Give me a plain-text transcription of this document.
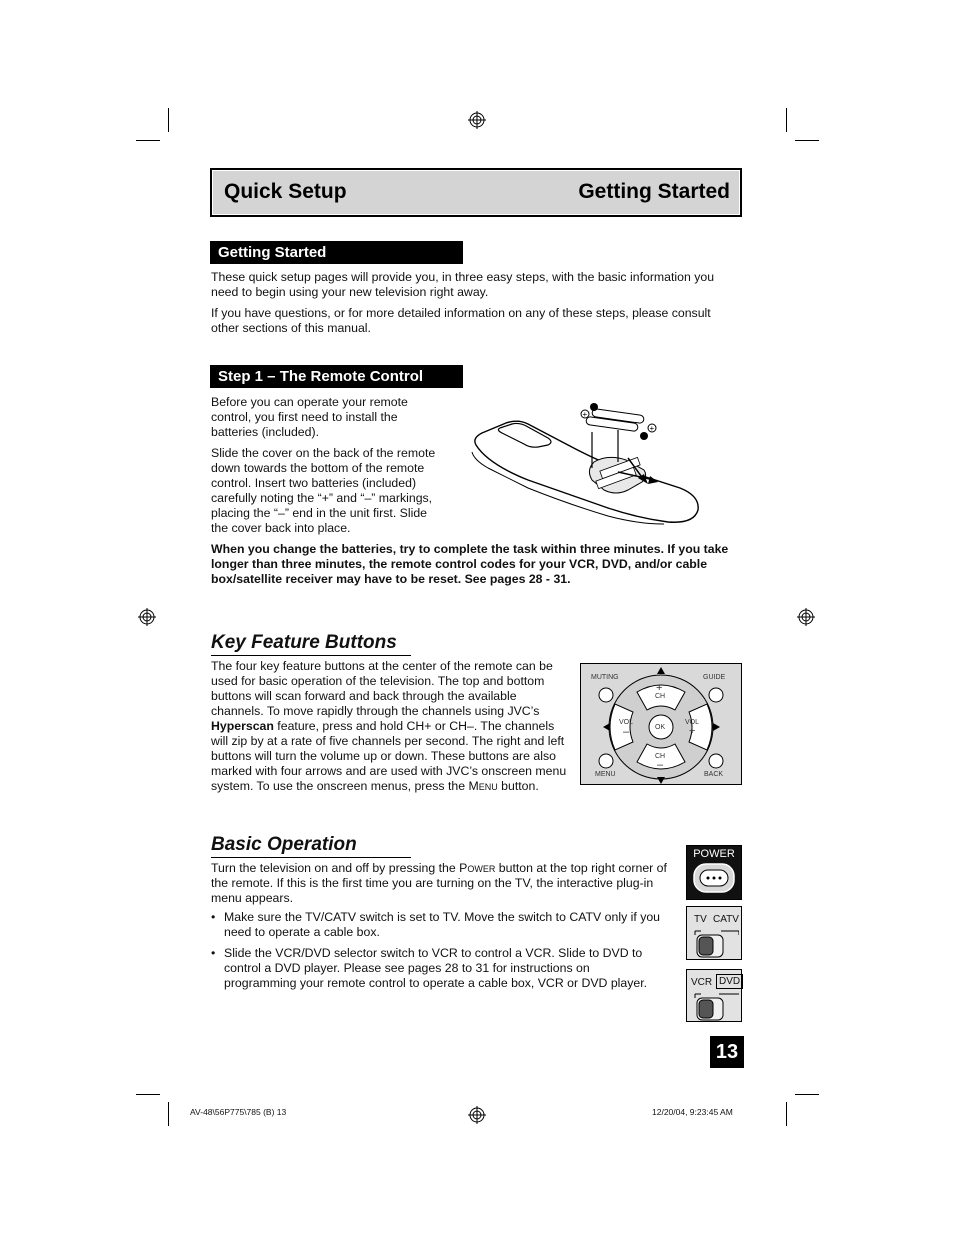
Quick Setup	Getting Started
Getting Started
These quick setup pages will provide you, in three easy steps, with the basic information you need to begin using your new television right away.
If you have questions, or for more detailed information on any of these steps, please consult other sections of this manual.
Step 1 – The Remote Control
Before you can operate your remote control, you first need to install the batteries (included).
Slide the cover on the back of the remote down towards the bottom of the remote control. Insert two batteries (included) carefully noting the “+” and “–” markings, placing the “–” end in the unit first. Slide the cover back into place.
+
+
When you change the batteries, try to complete the task within three minutes. If you take longer than three minutes, the remote control codes for your VCR, DVD, and/or cable box/satellite receiver may have to be reset. See pages 28 - 31.
Key Feature Buttons
The four key feature buttons at the center of the remote can be used for basic operation of the television. The top and bottom buttons will scan forward and back through the available channels. To move rapidly through the channels using JVC’s Hyperscan feature, press and hold CH+ or CH–. The channels will zip by at a rate of five channels per second. The right and left buttons will turn the volume up or down. These buttons are also marked with four arrows and are used with JVC’s onscreen menu system. To use the onscreen menus, press the Menu button.
MUTING	GUIDE
MENU	BACK
+
CH
CH
–
VOL
–
VOL
+
OK
Basic Operation
Turn the television on and off by pressing the Power button at the top right corner of the remote. If this is the first time you are turning on the TV, the interactive plug-in menu appears.
• Make sure the TV/CATV switch is set to TV. Move the switch to CATV only if you need to operate a cable box.
• Slide the VCR/DVD selector switch to VCR to control a VCR. Slide to DVD to control a DVD player. Please see pages 28 to 31 for instructions on programming your remote control to operate a cable box, VCR or DVD player.
POWER
TV CATV
VCR DVD
13
AV-48\56P775\785 (B) 13	12/20/04, 9:23:45 AM
